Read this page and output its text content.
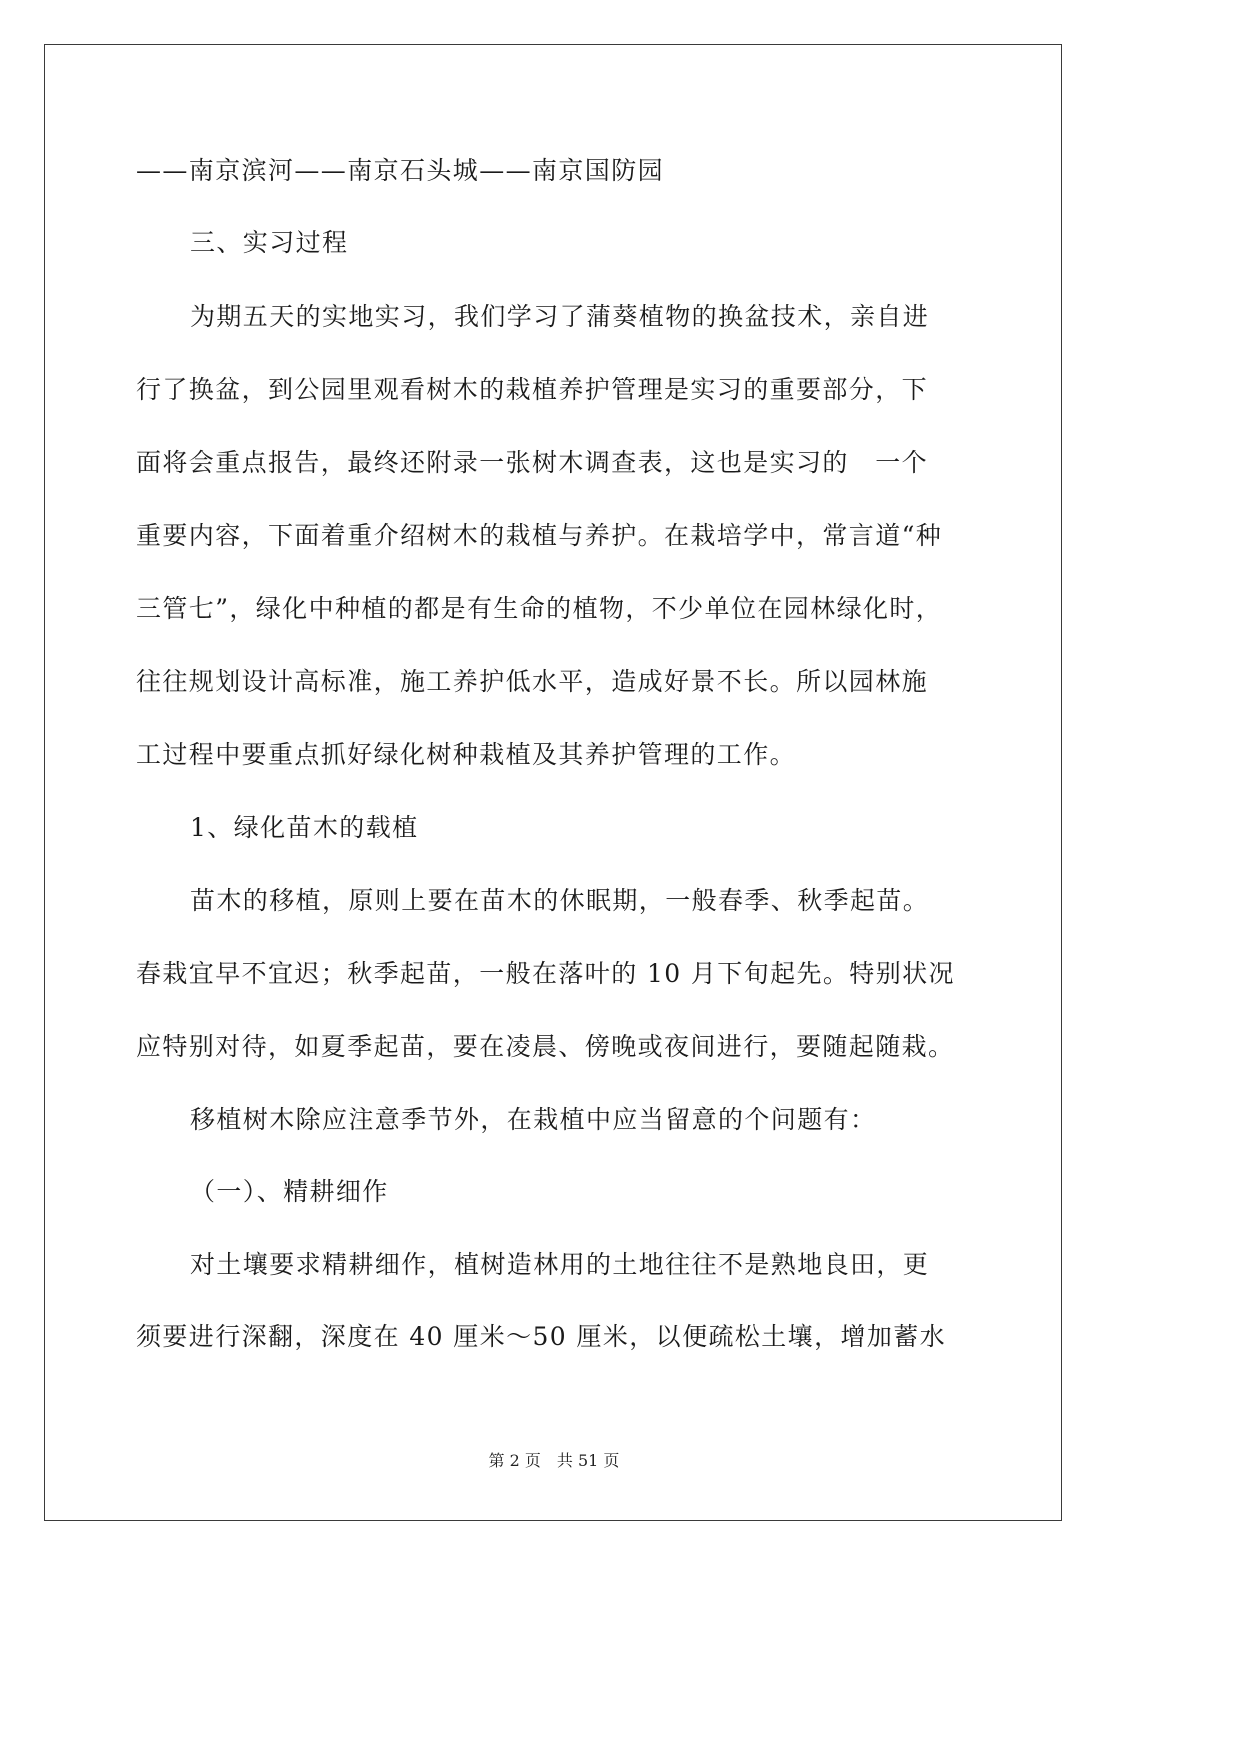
——南京滨河——南京石头城——南京国防园
三、实习过程
为期五天的实地实习，我们学习了蒲葵植物的换盆技术，亲自进
行了换盆，到公园里观看树木的栽植养护管理是实习的重要部分，下
面将会重点报告，最终还附录一张树木调查表，这也是实习的　一个
重要内容，下面着重介绍树木的栽植与养护。在栽培学中，常言道“种
三管七”，绿化中种植的都是有生命的植物，不少单位在园林绿化时，
往往规划设计高标准，施工养护低水平，造成好景不长。所以园林施
工过程中要重点抓好绿化树种栽植及其养护管理的工作。
1、绿化苗木的载植
苗木的移植，原则上要在苗木的休眠期，一般春季、秋季起苗。
春栽宜早不宜迟；秋季起苗，一般在落叶的 10 月下旬起先。特别状况
应特别对待，如夏季起苗，要在凌晨、傍晚或夜间进行，要随起随栽。
移植树木除应注意季节外，在栽植中应当留意的个问题有：
（一）、精耕细作
对土壤要求精耕细作，植树造林用的土地往往不是熟地良田，更
须要进行深翻，深度在 40 厘米～50 厘米，以便疏松土壤，增加蓄水
第 2 页　共 51 页
